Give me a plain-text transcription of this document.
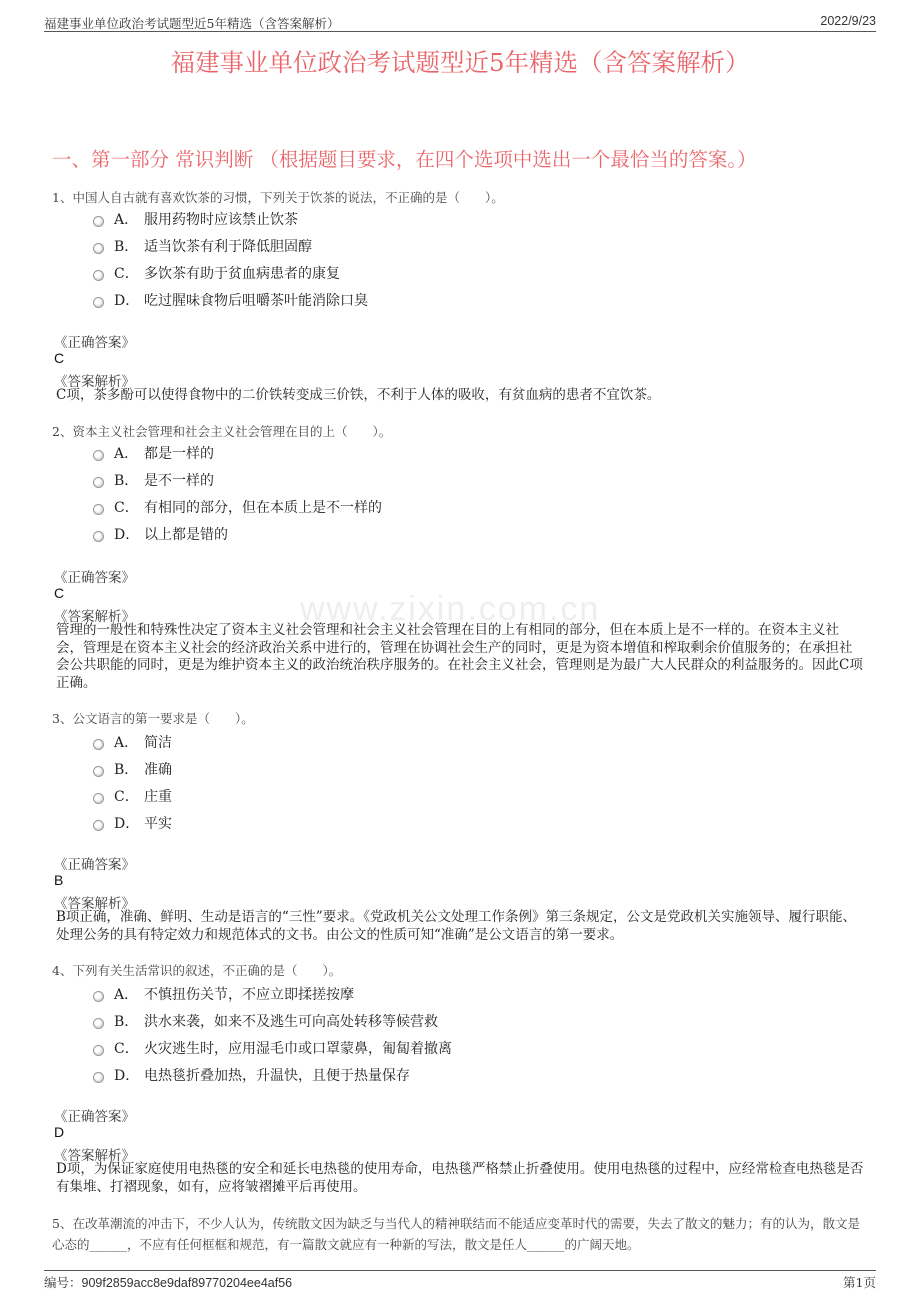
www.zixin.com.cn
福建事业单位政治考试题型近5年精选（含答案解析）	2022/9/23
福建事业单位政治考试题型近5年精选（含答案解析）
一、第一部分 常识判断 （根据题目要求，在四个选项中选出一个最恰当的答案。）
1、中国人自古就有喜欢饮茶的习惯，下列关于饮茶的说法，不正确的是（　　）。
A． 服用药物时应该禁止饮茶
B． 适当饮茶有利于降低胆固醇
C． 多饮茶有助于贫血病患者的康复
D． 吃过腥味食物后咀嚼茶叶能消除口臭
《正确答案》
C
《答案解析》
C项，茶多酚可以使得食物中的二价铁转变成三价铁，不利于人体的吸收，有贫血病的患者不宜饮茶。
2、资本主义社会管理和社会主义社会管理在目的上（　　）。
A． 都是一样的
B． 是不一样的
C． 有相同的部分，但在本质上是不一样的
D． 以上都是错的
《正确答案》
C
《答案解析》
管理的一般性和特殊性决定了资本主义社会管理和社会主义社会管理在目的上有相同的部分，但在本质上是不一样的。在资本主义社会，管理是在资本主义社会的经济政治关系中进行的，管理在协调社会生产的同时，更是为资本增值和榨取剩余价值服务的；在承担社会公共职能的同时，更是为维护资本主义的政治统治秩序服务的。在社会主义社会，管理则是为最广大人民群众的利益服务的。因此C项正确。
3、公文语言的第一要求是（　　）。
A． 简洁
B． 准确
C． 庄重
D． 平实
《正确答案》
B
《答案解析》
B项正确，准确、鲜明、生动是语言的“三性”要求。《党政机关公文处理工作条例》第三条规定，公文是党政机关实施领导、履行职能、处理公务的具有特定效力和规范体式的文书。由公文的性质可知“准确”是公文语言的第一要求。
4、下列有关生活常识的叙述，不正确的是（　　）。
A． 不慎扭伤关节，不应立即揉搓按摩
B． 洪水来袭，如来不及逃生可向高处转移等候营救
C． 火灾逃生时，应用湿毛巾或口罩蒙鼻，匍匐着撤离
D． 电热毯折叠加热，升温快，且便于热量保存
《正确答案》
D
《答案解析》
D项，为保证家庭使用电热毯的安全和延长电热毯的使用寿命，电热毯严格禁止折叠使用。使用电热毯的过程中，应经常检查电热毯是否有集堆、打褶现象，如有，应将皱褶摊平后再使用。
5、在改革潮流的冲击下，不少人认为，传统散文因为缺乏与当代人的精神联结而不能适应变革时代的需要，失去了散文的魅力；有的认为，散文是心态的______，不应有任何框框和规范，有一篇散文就应有一种新的写法，散文是任人______的广阔天地。
编号：909f2859acc8e9daf89770204ee4af56	第1页
